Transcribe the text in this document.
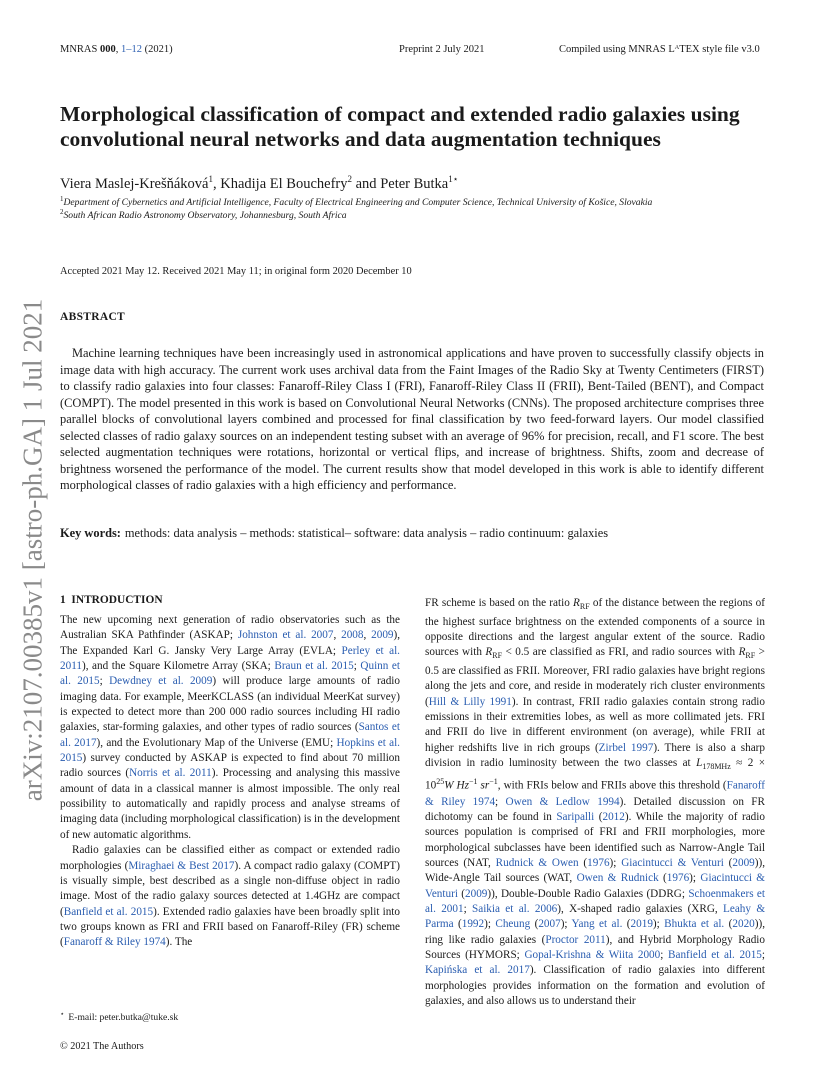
MNRAS 000, 1–12 (2021)	Preprint 2 July 2021	Compiled using MNRAS LᴬTEX style file v3.0
arXiv:2107.00385v1 [astro-ph.GA] 1 Jul 2021
Morphological classification of compact and extended radio galaxies using convolutional neural networks and data augmentation techniques
Viera Maslej-Krešňáková$^1$, Khadija El Bouchefry$^2$ and Peter Butka$^{1⋆}$
$^1$Department of Cybernetics and Artificial Intelligence, Faculty of Electrical Engineering and Computer Science, Technical University of Košice, Slovakia
$^2$South African Radio Astronomy Observatory, Johannesburg, South Africa
Accepted 2021 May 12. Received 2021 May 11; in original form 2020 December 10
ABSTRACT
Machine learning techniques have been increasingly used in astronomical applications and have proven to successfully classify objects in image data with high accuracy. The current work uses archival data from the Faint Images of the Radio Sky at Twenty Centimeters (FIRST) to classify radio galaxies into four classes: Fanaroff-Riley Class I (FRI), Fanaroff-Riley Class II (FRII), Bent-Tailed (BENT), and Compact (COMPT). The model presented in this work is based on Convolutional Neural Networks (CNNs). The proposed architecture comprises three parallel blocks of convolutional layers combined and processed for final classification by two feed-forward layers. Our model classified selected classes of radio galaxy sources on an independent testing subset with an average of 96% for precision, recall, and F1 score. The best selected augmentation techniques were rotations, horizontal or vertical flips, and increase of brightness. Shifts, zoom and decrease of brightness worsened the performance of the model. The current results show that model developed in this work is able to identify different morphological classes of radio galaxies with a high efficiency and performance.
Key words: methods: data analysis – methods: statistical– software: data analysis – radio continuum: galaxies
1 INTRODUCTION

The new upcoming next generation of radio observatories such as the Australian SKA Pathfinder (ASKAP; Johnston et al. 2007, 2008, 2009), The Expanded Karl G. Jansky Very Large Array (EVLA; Perley et al. 2011), and the Square Kilometre Array (SKA; Braun et al. 2015; Quinn et al. 2015; Dewdney et al. 2009) will produce large amounts of radio imaging data. For example, MeerKCLASS (an individual MeerKat survey) is expected to detect more than 200 000 radio sources including HI radio galaxies, star-forming galaxies, and other types of radio sources (Santos et al. 2017), and the Evolutionary Map of the Universe (EMU; Hopkins et al. 2015) survey conducted by ASKAP is expected to find about 70 million radio sources (Norris et al. 2011). Processing and analysing this massive amount of data in a classical manner is almost impossible. The only real possibility to automatically and rapidly process and analyse streams of imaging data (including morphological classification) is in the development of new automatic algorithms.

Radio galaxies can be classified either as compact or extended radio morphologies (Miraghaei & Best 2017). A compact radio galaxy (COMPT) is visually simple, best described as a single non-diffuse object in radio image. Most of the radio galaxy sources detected at 1.4GHz are compact (Banfield et al. 2015). Extended radio galaxies have been broadly split into two groups known as FRI and FRII based on Fanaroff-Riley (FR) scheme (Fanaroff & Riley 1974). The

FR scheme is based on the ratio $R_{RF}$ of the distance between the regions of the highest surface brightness on the extended components of a source in opposite directions and the largest angular extent of the source. Radio sources with $R_{RF} < 0.5$ are classified as FRI, and radio sources with $R_{RF} > 0.5$ are classified as FRII. Moreover, FRI radio galaxies have bright regions along the jets and core, and reside in moderately rich cluster environments (Hill & Lilly 1991). In contrast, FRII radio galaxies contain strong radio emissions in their extremities lobes, as well as more collimated jets. FRI and FRII do live in different environment (on average), while FRII at higher redshifts live in rich groups (Zirbel 1997). There is also a sharp division in radio luminosity between the two classes at $L_{178MHz} \approx 2 \times 10^{25}W$ $Hz^{-1}$ $sr^{-1}$, with FRIs below and FRIIs above this threshold (Fanaroff & Riley 1974; Owen & Ledlow 1994). Detailed discussion on FR dichotomy can be found in Saripalli (2012). While the majority of radio sources population is comprised of FRI and FRII morphologies, more morphological subclasses have been identified such as Narrow-Angle Tail sources (NAT, Rudnick & Owen (1976); Giacintucci & Venturi (2009)), Wide-Angle Tail sources (WAT, Owen & Rudnick (1976); Giacintucci & Venturi (2009)), Double-Double Radio Galaxies (DDRG; Schoenmakers et al. 2001; Saikia et al. 2006), X-shaped radio galaxies (XRG, Leahy & Parma (1992); Cheung (2007); Yang et al. (2019); Bhukta et al. (2020)), ring like radio galaxies (Proctor 2011), and Hybrid Morphology Radio Sources (HYMORS; Gopal-Krishna & Wiita 2000; Banfield et al. 2015; Kapińska et al. 2017). Classification of radio galaxies into different morphologies provides information on the formation and evolution of galaxies, and also allows us to understand their

⋆ E-mail: peter.butka@tuke.sk
© 2021 The Authors
